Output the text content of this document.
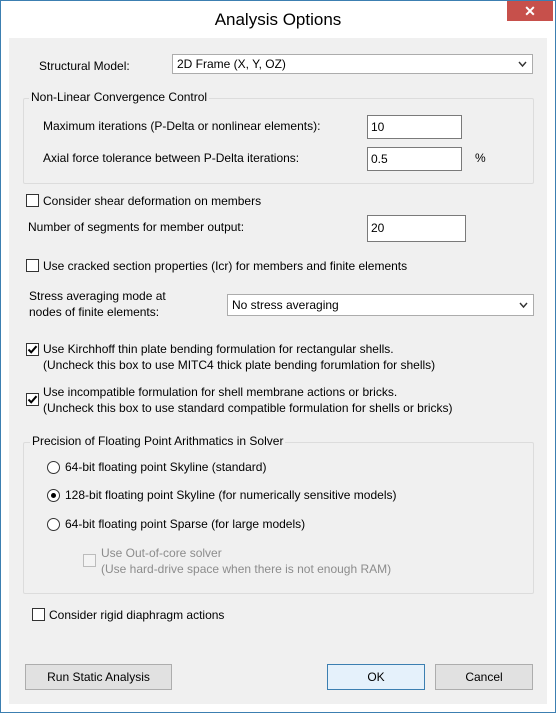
Analysis Options	✕
Structural Model:	2D Frame (X, Y, OZ)
Non-Linear Convergence Control
Maximum iterations (P-Delta or nonlinear elements):	10
Axial force tolerance between P-Delta iterations:	0.5	%
Consider shear deformation on members
Number of segments for member output:	20
Use cracked section properties (Icr) for members and finite elements
Stress averaging mode at
nodes of finite elements:	No stress averaging
Use Kirchhoff thin plate bending formulation for rectangular shells.
(Uncheck this box to use MITC4 thick plate bending forumlation for shells)
Use incompatible formulation for shell membrane actions or bricks.
(Uncheck this box to use standard compatible formulation for shells or bricks)
Precision of Floating Point Arithmatics in Solver
64-bit floating point Skyline (standard)
128-bit floating point Skyline (for numerically sensitive models)
64-bit floating point Sparse (for large models)
Use Out-of-core solver
(Use hard-drive space when there is not enough RAM)
Consider rigid diaphragm actions
Run Static Analysis	OK	Cancel
